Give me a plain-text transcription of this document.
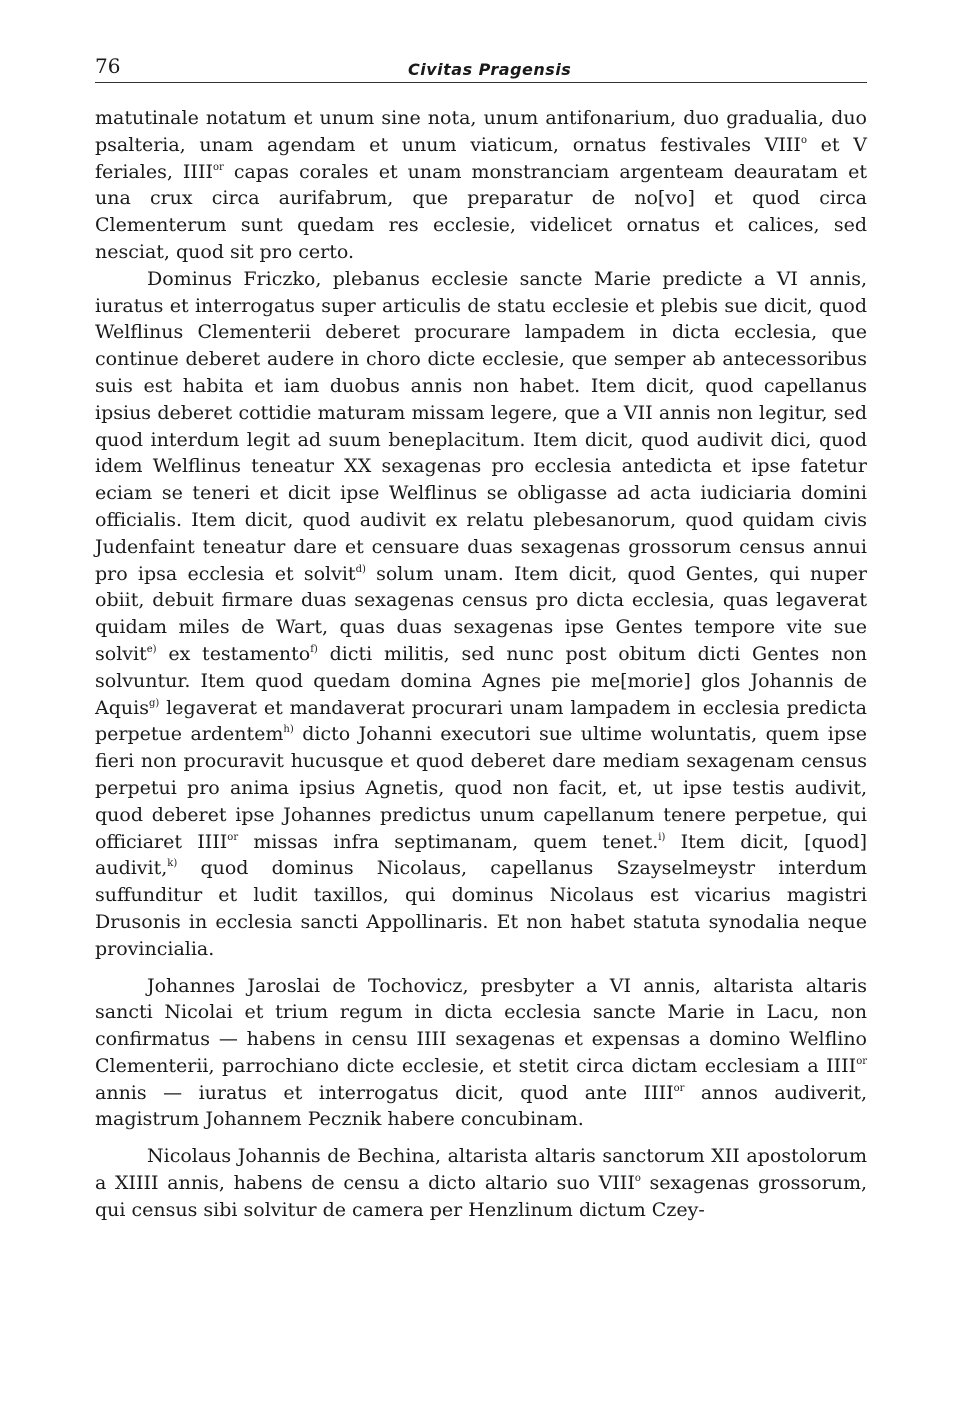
76	Civitas Pragensis

matutinale notatum et unum sine nota, unum antifonarium, duo gradualia, duo psalteria, unam agendam et unum viaticum, ornatus festivales VIII$^o$ et V feriales, $IIII^{or}$ capas corales et unam monstranciam argenteam deauratam et una crux circa aurifabrum, que preparatur de no[vo] et quod circa Clementerum sunt quedam res ecclesie, videlicet ornatus et calices, sed nesciat, quod sit pro certo.

Dominus Friczko, plebanus ecclesie sancte Marie predicte a VI annis, iuratus et interrogatus super articulis de statu ecclesie et plebis sue dicit, quod Welflinus Clementerii deberet procurare lampadem in dicta ecclesia, que continue deberet audere in choro dicte ecclesie, que semper ab antecessoribus suis est habita et iam duobus annis non habet. Item dicit, quod capellanus ipsius deberet cottidie maturam missam legere, que a VII annis non legitur, sed quod interdum legit ad suum beneplacitum. Item dicit, quod audivit dici, quod idem Welflinus teneatur XX sexagenas pro ecclesia antedicta et ipse fatetur eciam se teneri et dicit ipse Welflinus se obligasse ad acta iudiciaria domini officialis. Item dicit, quod audivit ex relatu plebesanorum, quod quidam civis Judenfaint teneatur dare et censuare duas sexagenas grossorum census annui pro ipsa ecclesia et solvit$^{d)}$ solum unam. Item dicit, quod Gentes, qui nuper obiit, debuit firmare duas sexagenas census pro dicta ecclesia, quas legaverat quidam miles de Wart, quas duas sexagenas ipse Gentes tempore vite sue solvit$^{e)}$ ex testamento$^{f)}$ dicti militis, sed nunc post obitum dicti Gentes non solvuntur. Item quod quedam domina Agnes pie me[morie] glos Johannis de Aquis$^{g)}$ legaverat et mandaverat procurari unam lampadem in ecclesia predicta perpetue ardentem$^{h)}$ dicto Johanni executori sue ultime woluntatis, quem ipse fieri non procuravit hucusque et quod deberet dare mediam sexagenam census perpetui pro anima ipsius Agnetis, quod non facit, et, ut ipse testis audivit, quod deberet ipse Johannes predictus unum capellanum tenere perpetue, qui officiaret $IIII^{or}$ missas infra septimanam, quem tenet.$^{i)}$ Item dicit, [quod] audivit,$^{k)}$ quod dominus Nicolaus, capellanus Szayselmeystr interdum suffunditur et ludit taxillos, qui dominus Nicolaus est vicarius magistri Drusonis in ecclesia sancti Appollinaris. Et non habet statuta synodalia neque provincialia.

Johannes Jaroslai de Tochovicz, presbyter a VI annis, altarista altaris sancti Nicolai et trium regum in dicta ecclesia sancte Marie in Lacu, non confirmatus — habens in censu IIII sexagenas et expensas a domino Welflino Clementerii, parrochiano dicte ecclesie, et stetit circa dictam ecclesiam a $IIII^{or}$ annis — iuratus et interrogatus dicit, quod ante $IIII^{or}$ annos audiverit, magistrum Johannem Pecznik habere concubinam.

Nicolaus Johannis de Bechina, altarista altaris sanctorum XII apostolorum a XIIII annis, habens de censu a dicto altario suo VIII$^o$ sexagenas grossorum, qui census sibi solvitur de camera per Henzlinum dictum Czey-
